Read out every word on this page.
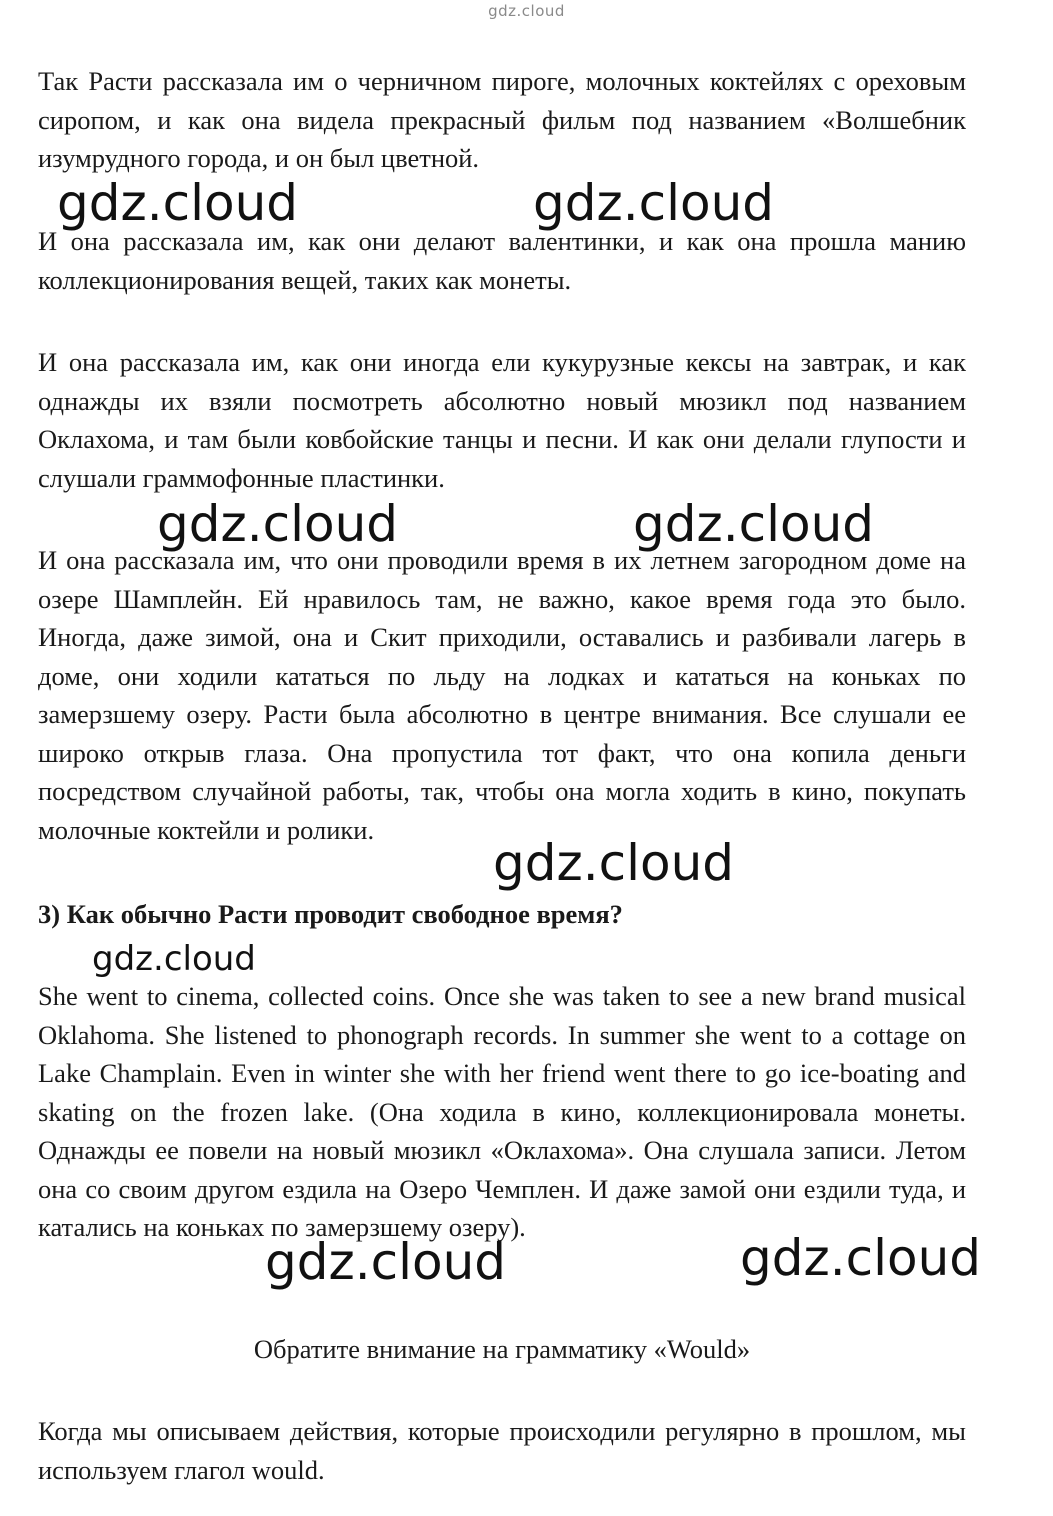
gdz.cloud

Так Расти рассказала им о черничном пироге, молочных коктейлях с ореховым сиропом, и как она видела прекрасный фильм под названием «Волшебник изумрудного города, и он был цветной.

И она рассказала им, как они делают валентинки, и как она прошла манию коллекционирования вещей, таких как монеты.

И она рассказала им, как они иногда ели кукурузные кексы на завтрак, и как однажды их взяли посмотреть абсолютно новый мюзикл под названием Оклахома, и там были ковбойские танцы и песни. И как они делали глупости и слушали граммофонные пластинки.

И она рассказала им, что они проводили время в их летнем загородном доме на озере Шамплейн. Ей нравилось там, не важно, какое время года это было. Иногда, даже зимой, она и Скит приходили, оставались и разбивали лагерь в доме, они ходили кататься по льду на лодках и кататься на коньках по замерзшему озеру. Расти была абсолютно в центре внимания. Все слушали ее широко открыв глаза. Она пропустила тот факт, что она копила деньги посредством случайной работы, так, чтобы она могла ходить в кино, покупать молочные коктейли и ролики.

3) Как обычно Расти проводит свободное время?

She went to cinema, collected coins. Once she was taken to see a new brand musical Oklahoma. She listened to phonograph records. In summer she went to a cottage on Lake Champlain. Even in winter she with her friend went there to go ice-boating and skating on the frozen lake. (Она ходила в кино, коллекционировала монеты. Однажды ее повели на новый мюзикл «Оклахома». Она слушала записи. Летом она со своим другом ездила на Озеро Чемплен. И даже замой они ездили туда, и катались на коньках по замерзшему озеру).

Обратите внимание на грамматику «Would»

Когда мы описываем действия, которые происходили регулярно в прошлом, мы используем глагол would.

gdz.cloud	gdz.cloud
gdz.cloud	gdz.cloud
gdz.cloud
gdz.cloud
gdz.cloud	gdz.cloud
